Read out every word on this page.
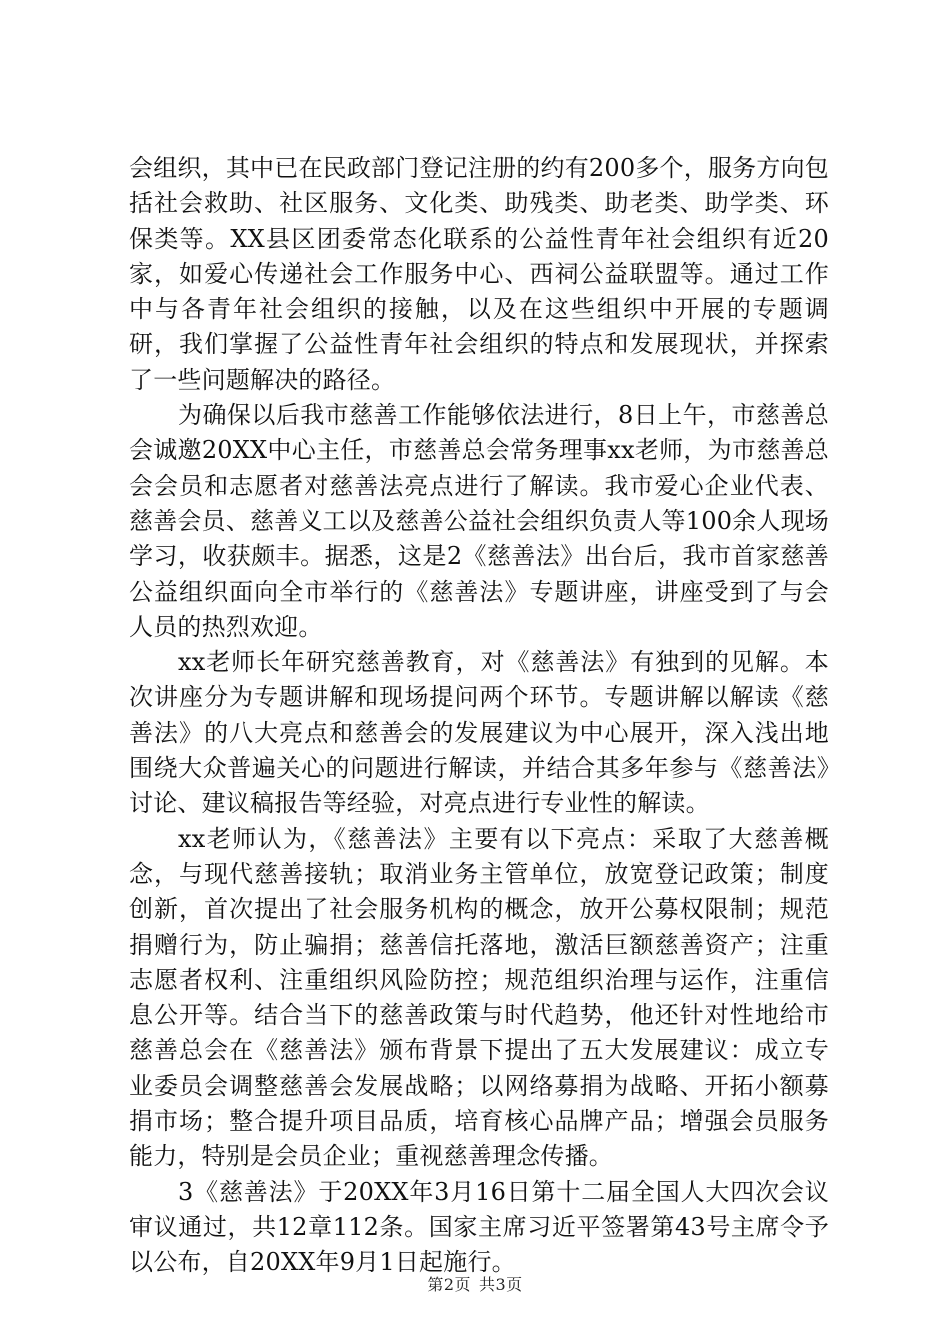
会组织，其中已在民政部门登记注册的约有200多个，服务方向包括社会救助、社区服务、文化类、助残类、助老类、助学类、环保类等。XX县区团委常态化联系的公益性青年社会组织有近20家，如爱心传递社会工作服务中心、西祠公益联盟等。通过工作中与各青年社会组织的接触，以及在这些组织中开展的专题调研，我们掌握了公益性青年社会组织的特点和发展现状，并探索了一些问题解决的路径。

为确保以后我市慈善工作能够依法进行，8日上午，市慈善总会诚邀20XX中心主任，市慈善总会常务理事xx老师，为市慈善总会会员和志愿者对慈善法亮点进行了解读。我市爱心企业代表、慈善会员、慈善义工以及慈善公益社会组织负责人等100余人现场学习，收获颇丰。据悉，这是2《慈善法》出台后，我市首家慈善公益组织面向全市举行的《慈善法》专题讲座，讲座受到了与会人员的热烈欢迎。

xx老师长年研究慈善教育，对《慈善法》有独到的见解。本次讲座分为专题讲解和现场提问两个环节。专题讲解以解读《慈善法》的八大亮点和慈善会的发展建议为中心展开，深入浅出地围绕大众普遍关心的问题进行解读，并结合其多年参与《慈善法》讨论、建议稿报告等经验，对亮点进行专业性的解读。

xx老师认为，《慈善法》主要有以下亮点：采取了大慈善概念，与现代慈善接轨；取消业务主管单位，放宽登记政策；制度创新，首次提出了社会服务机构的概念，放开公募权限制；规范捐赠行为，防止骗捐；慈善信托落地，激活巨额慈善资产；注重志愿者权利、注重组织风险防控；规范组织治理与运作，注重信息公开等。结合当下的慈善政策与时代趋势，他还针对性地给市慈善总会在《慈善法》颁布背景下提出了五大发展建议：成立专业委员会调整慈善会发展战略；以网络募捐为战略、开拓小额募捐市场；整合提升项目品质，培育核心品牌产品；增强会员服务能力，特别是会员企业；重视慈善理念传播。

3《慈善法》于20XX年3月16日第十二届全国人大四次会议审议通过，共12章112条。国家主席习近平签署第43号主席令予以公布，自20XX年9月1日起施行。

第2页 共3页
